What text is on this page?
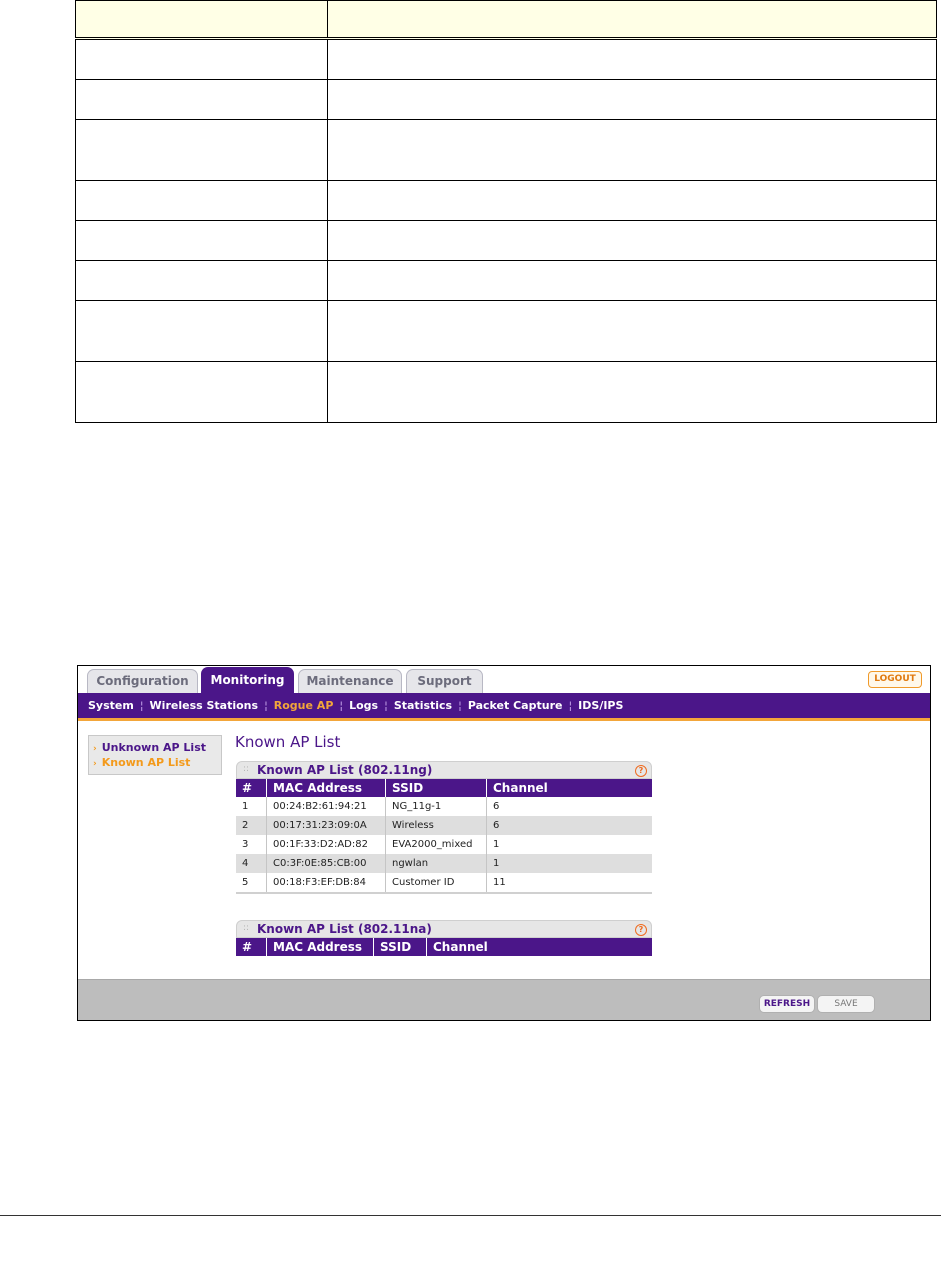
Configuration	Monitoring	Maintenance	Support	LOGOUT
System ¦ Wireless Stations ¦ Rogue AP ¦ Logs ¦ Statistics ¦ Packet Capture ¦ IDS/IPS
› Unknown AP List
› Known AP List
Known AP List
:: Known AP List (802.11ng)	?
#	MAC Address	SSID	Channel
1	00:24:B2:61:94:21	NG_11g-1	6
2	00:17:31:23:09:0A	Wireless	6
3	00:1F:33:D2:AD:82	EVA2000_mixed	1
4	C0:3F:0E:85:CB:00	ngwlan	1
5	00:18:F3:EF:DB:84	Customer ID	11
:: Known AP List (802.11na)	?
#	MAC Address	SSID	Channel
REFRESH	SAVE
